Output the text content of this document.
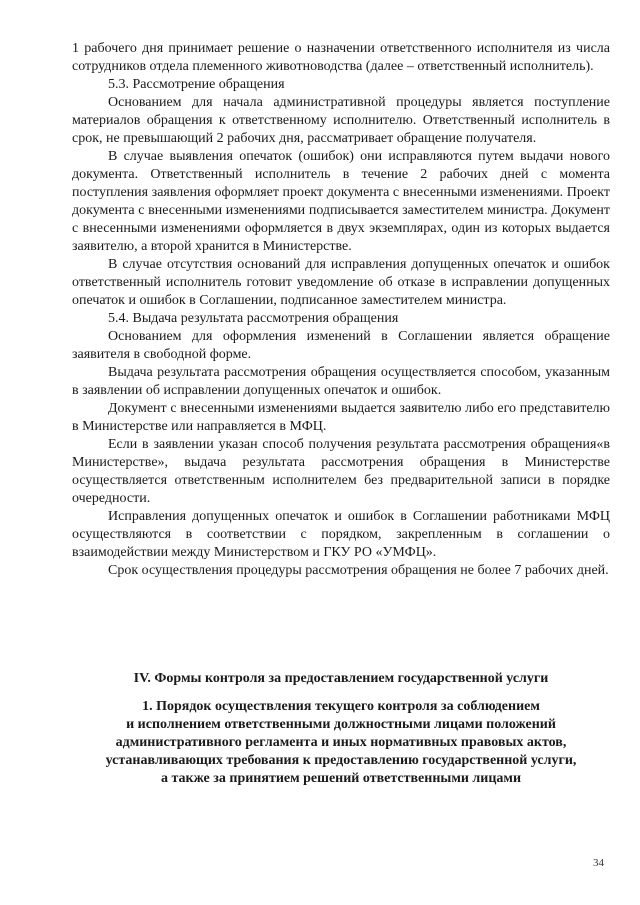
1 рабочего дня принимает решение о назначении ответственного исполнителя из числа сотрудников отдела племенного животноводства (далее – ответственный исполнитель).

5.3. Рассмотрение обращения

Основанием для начала административной процедуры является поступление материалов обращения к ответственному исполнителю. Ответственный исполнитель в срок, не превышающий 2 рабочих дня, рассматривает обращение получателя.

В случае выявления опечаток (ошибок) они исправляются путем выдачи нового документа. Ответственный исполнитель в течение 2 рабочих дней с момента поступления заявления оформляет проект документа с внесенными изменениями. Проект документа с внесенными изменениями подписывается заместителем министра. Документ с внесенными изменениями оформляется в двух экземплярах, один из которых выдается заявителю, а второй хранится в Министерстве.

В случае отсутствия оснований для исправления допущенных опечаток и ошибок ответственный исполнитель готовит уведомление об отказе в исправлении допущенных опечаток и ошибок в Соглашении, подписанное заместителем министра.

5.4. Выдача результата рассмотрения обращения

Основанием для оформления изменений в Соглашении является обращение заявителя в свободной форме.

Выдача результата рассмотрения обращения осуществляется способом, указанным в заявлении об исправлении допущенных опечаток и ошибок.

Документ с внесенными изменениями выдается заявителю либо его представителю в Министерстве или направляется в МФЦ.

Если в заявлении указан способ получения результата рассмотрения обращения«в Министерстве», выдача результата рассмотрения обращения в Министерстве осуществляется ответственным исполнителем без предварительной записи в порядке очередности.

Исправления допущенных опечаток и ошибок в Соглашении работниками МФЦ осуществляются в соответствии с порядком, закрепленным в соглашении о взаимодействии между Министерством и ГКУ РО «УМФЦ».

Срок осуществления процедуры рассмотрения обращения не более 7 рабочих дней.

IV. Формы контроля за предоставлением государственной услуги
1. Порядок осуществления текущего контроля за соблюдением
и исполнением ответственными должностными лицами положений
административного регламента и иных нормативных правовых актов,
устанавливающих требования к предоставлению государственной услуги,
а также за принятием решений ответственными лицами
34
